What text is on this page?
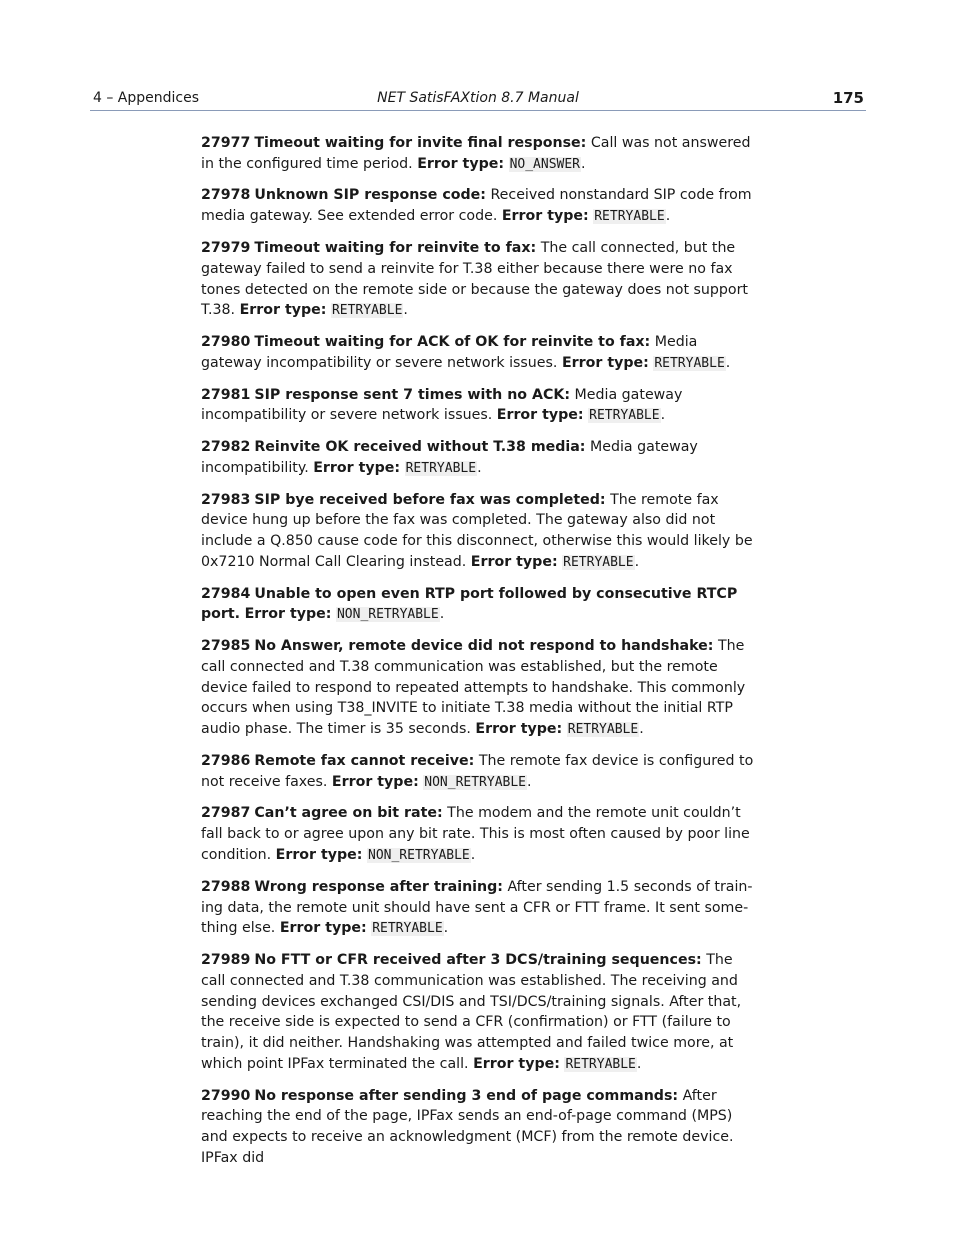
4 – Appendices	NET SatisFAXtion 8.7 Manual	175

27977 Timeout waiting for invite final response: Call was not answered in the configured time period. Error type: NO_ANSWER.

27978 Unknown SIP response code: Received nonstandard SIP code from media gateway. See extended error code. Error type: RETRYABLE.

27979 Timeout waiting for reinvite to fax: The call connected, but the gateway failed to send a reinvite for T.38 either because there were no fax tones detected on the remote side or because the gateway does not support T.38. Error type: RETRYABLE.

27980 Timeout waiting for ACK of OK for reinvite to fax: Media gateway incompatibility or severe network issues. Error type: RETRYABLE.

27981 SIP response sent 7 times with no ACK: Media gateway incompatibility or severe network issues. Error type: RETRYABLE.

27982 Reinvite OK received without T.38 media: Media gateway incompatibility. Error type: RETRYABLE.

27983 SIP bye received before fax was completed: The remote fax device hung up before the fax was completed. The gateway also did not include a Q.850 cause code for this disconnect, otherwise this would likely be 0x7210 Normal Call Clearing instead. Error type: RETRYABLE.

27984 Unable to open even RTP port followed by consecutive RTCP port. Error type: NON_RETRYABLE.

27985 No Answer, remote device did not respond to handshake: The call connected and T.38 communication was established, but the remote device failed to respond to repeated attempts to handshake. This commonly occurs when using T38_INVITE to initiate T.38 media without the initial RTP audio phase. The timer is 35 seconds. Error type: RETRYABLE.

27986 Remote fax cannot receive: The remote fax device is configured to not receive faxes. Error type: NON_RETRYABLE.

27987 Can’t agree on bit rate: The modem and the remote unit couldn’t fall back to or agree upon any bit rate. This is most often caused by poor line condition. Error type: NON_RETRYABLE.

27988 Wrong response after training: After sending 1.5 seconds of training data, the remote unit should have sent a CFR or FTT frame. It sent something else. Error type: RETRYABLE.

27989 No FTT or CFR received after 3 DCS/training sequences: The call connected and T.38 communication was established. The receiving and sending devices exchanged CSI/DIS and TSI/DCS/training signals. After that, the receive side is expected to send a CFR (confirmation) or FTT (failure to train), it did neither. Handshaking was attempted and failed twice more, at which point IPFax terminated the call. Error type: RETRYABLE.

27990 No response after sending 3 end of page commands: After reaching the end of the page, IPFax sends an end-of-page command (MPS) and expects to receive an acknowledgment (MCF) from the remote device. IPFax did
